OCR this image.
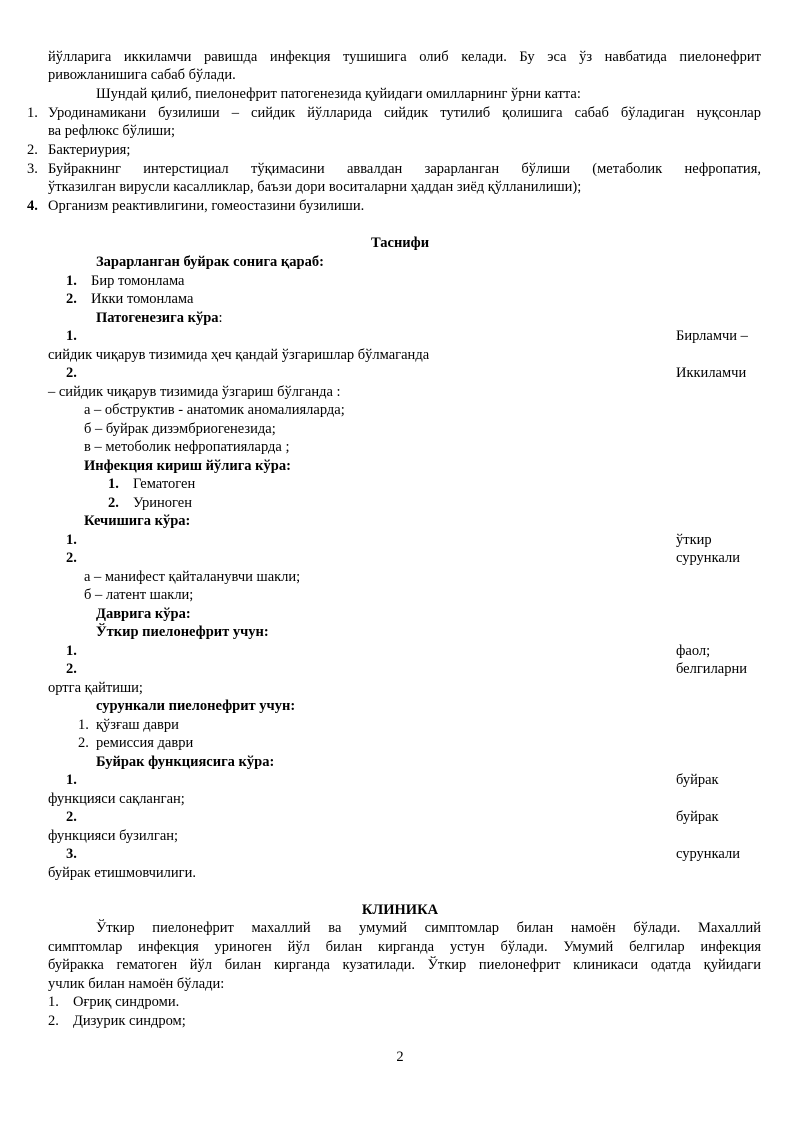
йўлларига иккиламчи равишда инфекция тушишига олиб келади. Бу эса ўз навбатида пиелонефрит
ривожланишига сабаб бўлади.
Шундай қилиб, пиелонефрит патогенезида қуйидаги омилларнинг ўрни катта:
1. Уродинамикани бузилиши – сийдик йўлларида сийдик тутилиб қолишига сабаб бўладиган нуқсонлар
ва рефлюкс бўлиши;
2. Бактериурия;
3. Буйракнинг интерстициал тўқимасини аввалдан зарарланган бўлиши (метаболик нефропатия,
ўтказилган вирусли касалликлар, баъзи дори воситаларни ҳаддан зиёд қўлланилиши);
4. Организм реактивлигини, гомеостазини бузилиши.
Таснифи
Зарарланган буйрак сонига қараб:
1. Бир томонлама
2. Икки томонлама
Патогенезига кўра:
1.	Бирламчи –
сийдик чиқарув тизимида ҳеч қандай ўзгаришлар бўлмаганда
2.	Иккиламчи
– сийдик чиқарув тизимида ўзгариш бўлганда :
а – обструктив - анатомик аномалияларда;
б – буйрак дизэмбриогенезида;
в – метоболик нефропатияларда ;
Инфекция кириш йўлига кўра:
1. Гематоген
2. Уриноген
Кечишига кўра:
1.	ўткир
2.	сурункали
а – манифест қайталанувчи шакли;
б – латент шакли;
Даврига кўра:
Ўткир пиелонефрит учун:
1.	фаол;
2.	белгиларни
ортга қайтиши;
сурункали пиелонефрит учун:
1. қўзғаш даври
2. ремиссия даври
Буйрак функциясига кўра:
1.	буйрак
функцияси сақланган;
2.	буйрак
функцияси бузилган;
3.	сурункали
буйрак етишмовчилиги.
КЛИНИКА
Ўткир пиелонефрит махаллий ва умумий симптомлар билан намоён бўлади. Махаллий
симптомлар инфекция уриноген йўл билан кирганда устун бўлади. Умумий белгилар инфекция
буйракка гематоген йўл билан кирганда кузатилади. Ўткир пиелонефрит клиникаси одатда қуйидаги
учлик билан намоён бўлади:
1. Оғриқ синдроми.
2. Дизурик синдром;
2
